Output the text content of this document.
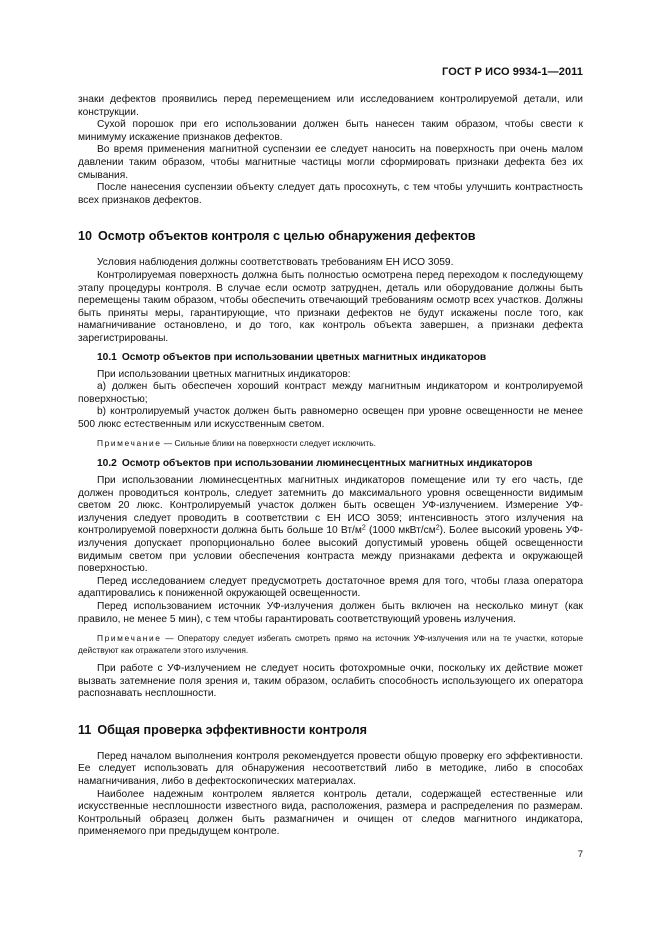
ГОСТ Р ИСО 9934-1—2011

знаки дефектов проявились перед перемещением или исследованием контролируемой детали, или конструкции.

Сухой порошок при его использовании должен быть нанесен таким образом, чтобы свести к минимуму искажение признаков дефектов.

Во время применения магнитной суспензии ее следует наносить на поверхность при очень малом давлении таким образом, чтобы магнитные частицы могли сформировать признаки дефекта без их смывания.

После нанесения суспензии объекту следует дать просохнуть, с тем чтобы улучшить контрастность всех признаков дефектов.

10 Осмотр объектов контроля с целью обнаружения дефектов

Условия наблюдения должны соответствовать требованиям ЕН ИСО 3059.

Контролируемая поверхность должна быть полностью осмотрена перед переходом к последующему этапу процедуры контроля. В случае если осмотр затруднен, деталь или оборудование должны быть перемещены таким образом, чтобы обеспечить отвечающий требованиям осмотр всех участков. Должны быть приняты меры, гарантирующие, что признаки дефектов не будут искажены после того, как намагничивание остановлено, и до того, как контроль объекта завершен, а признаки дефекта зарегистрированы.

10.1 Осмотр объектов при использовании цветных магнитных индикаторов

При использовании цветных магнитных индикаторов:

a) должен быть обеспечен хороший контраст между магнитным индикатором и контролируемой поверхностью;

b) контролируемый участок должен быть равномерно освещен при уровне освещенности не менее 500 люкс естественным или искусственным светом.

Примечание — Сильные блики на поверхности следует исключить.

10.2 Осмотр объектов при использовании люминесцентных магнитных индикаторов

При использовании люминесцентных магнитных индикаторов помещение или ту его часть, где должен проводиться контроль, следует затемнить до максимального уровня освещенности видимым светом 20 люкс. Контролируемый участок должен быть освещен УФ-излучением. Измерение УФ-излучения следует проводить в соответствии с ЕН ИСО 3059; интенсивность этого излучения на контролируемой поверхности должна быть больше 10 $Вт/м^2$ (1000 мкВт/$см^2$). Более высокий уровень УФ-излучения допускает пропорционально более высокий допустимый уровень общей освещенности видимым светом при условии обеспечения контраста между признаками дефекта и окружающей поверхностью.

Перед исследованием следует предусмотреть достаточное время для того, чтобы глаза оператора адаптировались к пониженной окружающей освещенности.

Перед использованием источник УФ-излучения должен быть включен на несколько минут (как правило, не менее 5 мин), с тем чтобы гарантировать соответствующий уровень излучения.

Примечание — Оператору следует избегать смотреть прямо на источник УФ-излучения или на те участки, которые действуют как отражатели этого излучения.

При работе с УФ-излучением не следует носить фотохромные очки, поскольку их действие может вызвать затемнение поля зрения и, таким образом, ослабить способность использующего их оператора распознавать несплошности.

11 Общая проверка эффективности контроля

Перед началом выполнения контроля рекомендуется провести общую проверку его эффективности. Ее следует использовать для обнаружения несоответствий либо в методике, либо в способах намагничивания, либо в дефектоскопических материалах.

Наиболее надежным контролем является контроль детали, содержащей естественные или искусственные несплошности известного вида, расположения, размера и распределения по размерам. Контрольный образец должен быть размагничен и очищен от следов магнитного индикатора, применяемого при предыдущем контроле.

7
